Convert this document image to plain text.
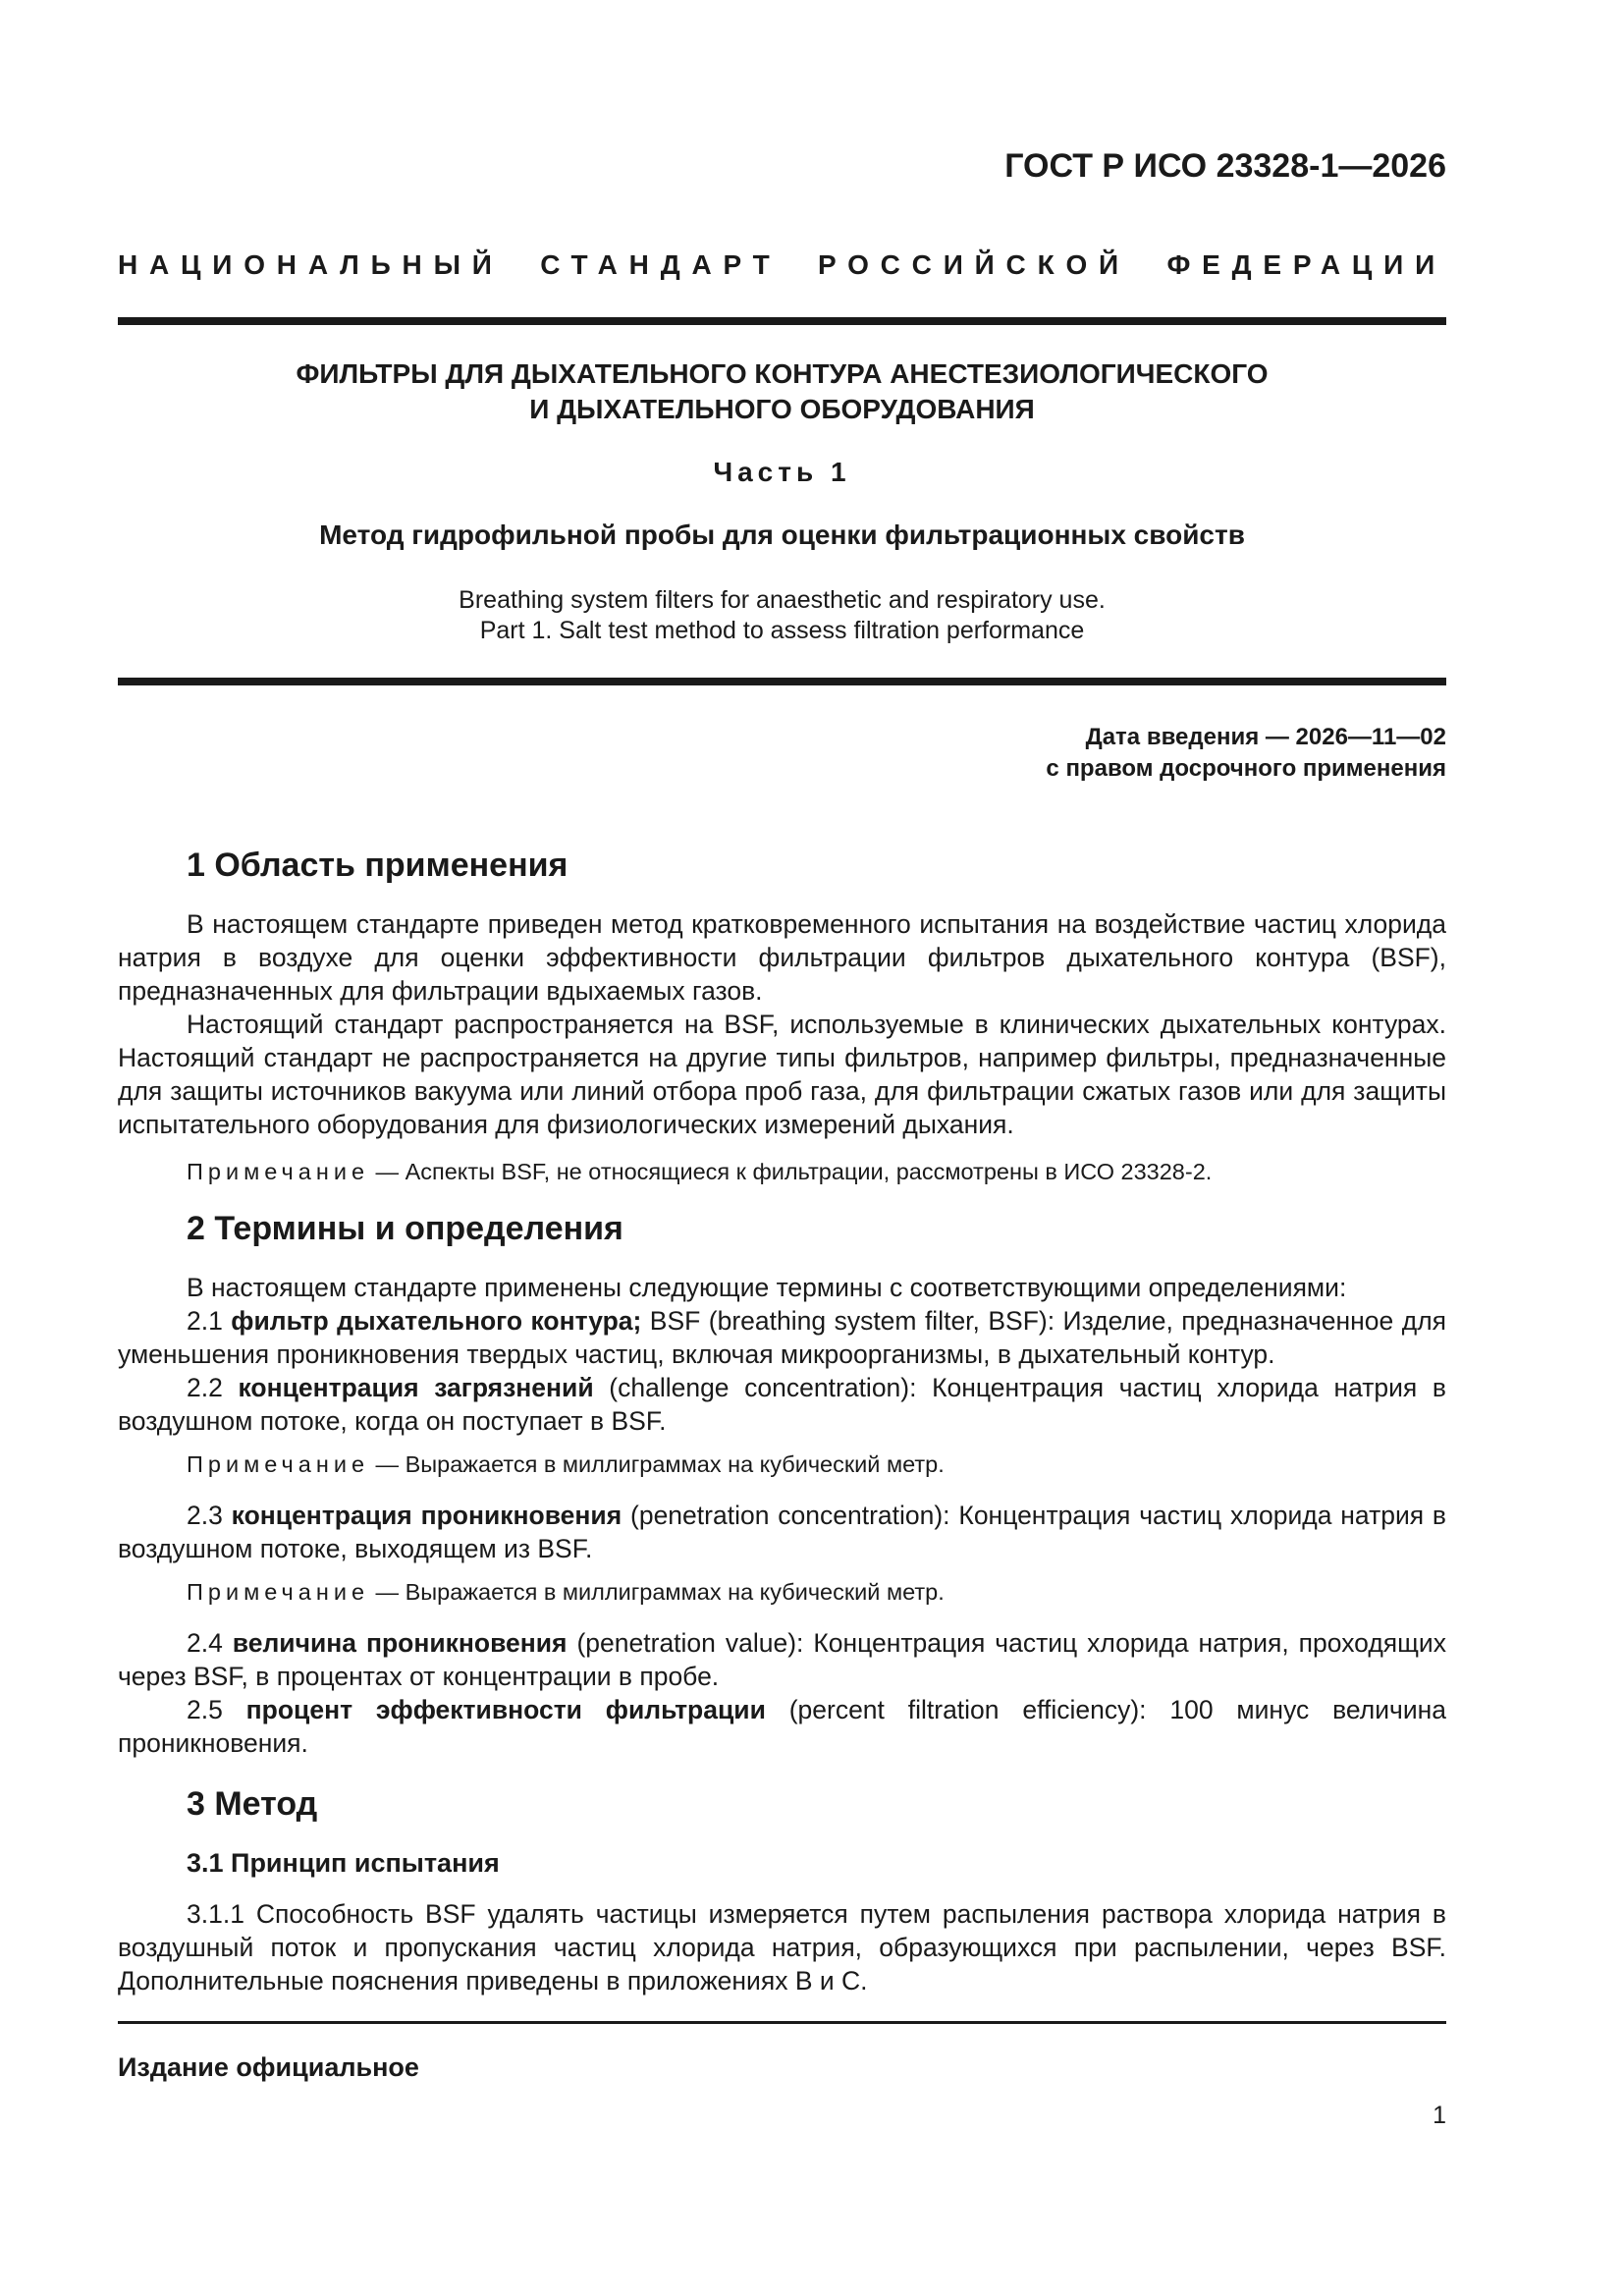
ГОСТ Р ИСО 23328-1—2026
НАЦИОНАЛЬНЫЙ СТАНДАРТ РОССИЙСКОЙ ФЕДЕРАЦИИ
ФИЛЬТРЫ ДЛЯ ДЫХАТЕЛЬНОГО КОНТУРА АНЕСТЕЗИОЛОГИЧЕСКОГО
И ДЫХАТЕЛЬНОГО ОБОРУДОВАНИЯ
Часть 1
Метод гидрофильной пробы для оценки фильтрационных свойств
Breathing system filters for anaesthetic and respiratory use.
Part 1. Salt test method to assess filtration performance
Дата введения — 2026—11—02
с правом досрочного применения
1 Область применения

В настоящем стандарте приведен метод кратковременного испытания на воздействие частиц хлорида натрия в воздухе для оценки эффективности фильтрации фильтров дыхательного контура (BSF), предназначенных для фильтрации вдыхаемых газов.

Настоящий стандарт распространяется на BSF, используемые в клинических дыхательных контурах. Настоящий стандарт не распространяется на другие типы фильтров, например фильтры, предназначенные для защиты источников вакуума или линий отбора проб газа, для фильтрации сжатых газов или для защиты испытательного оборудования для физиологических измерений дыхания.

Примечание — Аспекты BSF, не относящиеся к фильтрации, рассмотрены в ИСО 23328-2.
2 Термины и определения

В настоящем стандарте применены следующие термины с соответствующими определениями:

2.1 фильтр дыхательного контура; BSF (breathing system filter, BSF): Изделие, предназначенное для уменьшения проникновения твердых частиц, включая микроорганизмы, в дыхательный контур.

2.2 концентрация загрязнений (challenge concentration): Концентрация частиц хлорида натрия в воздушном потоке, когда он поступает в BSF.

Примечание — Выражается в миллиграммах на кубический метр.

2.3 концентрация проникновения (penetration concentration): Концентрация частиц хлорида натрия в воздушном потоке, выходящем из BSF.

Примечание — Выражается в миллиграммах на кубический метр.

2.4 величина проникновения (penetration value): Концентрация частиц хлорида натрия, проходящих через BSF, в процентах от концентрации в пробе.

2.5 процент эффективности фильтрации (percent filtration efficiency): 100 минус величина проникновения.

3 Метод
3.1 Принцип испытания

3.1.1 Способность BSF удалять частицы измеряется путем распыления раствора хлорида натрия в воздушный поток и пропускания частиц хлорида натрия, образующихся при распылении, через BSF. Дополнительные пояснения приведены в приложениях B и C.

Издание официальное
1
